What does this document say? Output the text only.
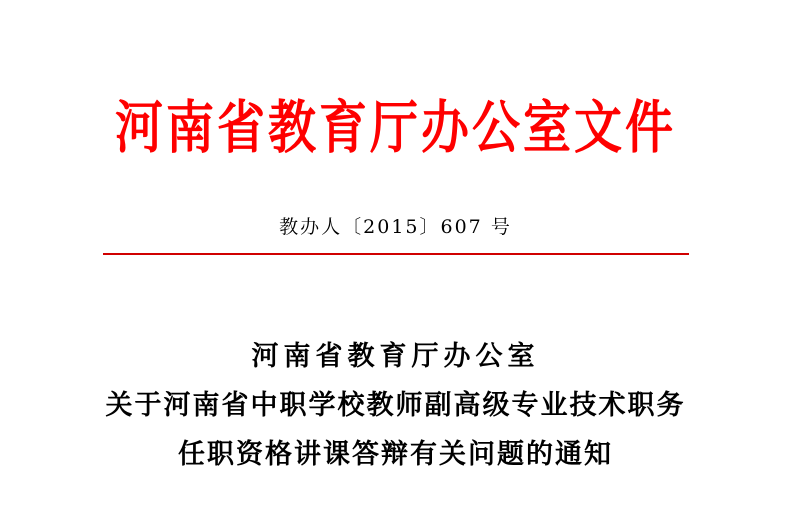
河南省教育厅办公室文件
教办人〔2015〕607 号
河南省教育厅办公室
关于河南省中职学校教师副高级专业技术职务
任职资格讲课答辩有关问题的通知
